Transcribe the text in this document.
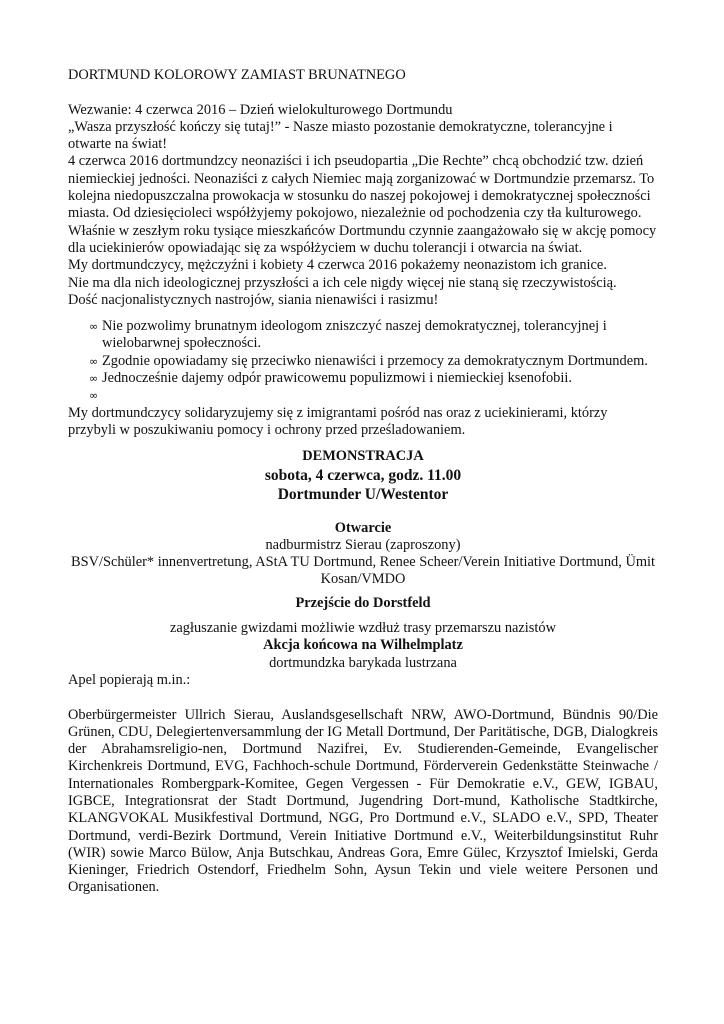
DORTMUND KOLOROWY ZAMIAST BRUNATNEGO

Wezwanie: 4 czerwca 2016 – Dzień wielokulturowego Dortmundu

„Wasza przyszłość kończy się tutaj!” - Nasze miasto pozostanie demokratyczne, tolerancyjne i otwarte na świat!

4 czerwca 2016 dortmundzcy neonaziści i ich pseudopartia „Die Rechte” chcą obchodzić tzw. dzień niemieckiej jedności. Neonaziści z całych Niemiec mają zorganizować w Dortmundzie przemarsz. To kolejna niedopuszczalna prowokacja w stosunku do naszej pokojowej i demokratycznej społeczności miasta. Od dziesięcioleci współżyjemy pokojowo, niezależnie od pochodzenia czy tła kulturowego. Właśnie w zeszłym roku tysiące mieszkańców Dortmundu czynnie zaangażowało się w akcję pomocy dla uciekinierów opowiadając się za współżyciem w duchu tolerancji i otwarcia na świat.

My dortmundczycy, mężczyźni i kobiety 4 czerwca 2016 pokażemy neonazistom ich granice.

Nie ma dla nich ideologicznej przyszłości a ich cele nigdy więcej nie staną się rzeczywistością.

Dość nacjonalistycznych nastrojów, siania nienawiści i rasizmu!

∞ Nie pozwolimy brunatnym ideologom zniszczyć naszej demokratycznej, tolerancyjnej i wielobarwnej społeczności.
∞ Zgodnie opowiadamy się przeciwko nienawiści i przemocy za demokratycznym Dortmundem.
∞ Jednocześnie dajemy odpór prawicowemu populizmowi i niemieckiej ksenofobii.
∞

My dortmundczycy solidaryzujemy się z imigrantami pośród nas oraz z uciekinierami, którzy przybyli w poszukiwaniu pomocy i ochrony przed prześladowaniem.

DEMONSTRACJA

sobota, 4 czerwca, godz. 11.00

Dortmunder U/Westentor

Otwarcie

nadburmistrz Sierau (zaproszony)

BSV/Schüler* innenvertretung, AStA TU Dortmund, Renee Scheer/Verein Initiative Dortmund, Ümit Kosan/VMDO

Przejście do Dorstfeld

zagłuszanie gwizdami możliwie wzdłuż trasy przemarszu nazistów

Akcja końcowa na Wilhelmplatz

dortmundzka barykada lustrzana

Apel popierają m.in.:

Oberbürgermeister Ullrich Sierau, Auslandsgesellschaft NRW, AWO-Dortmund, Bündnis 90/Die Grünen, CDU, Delegiertenversammlung der IG Metall Dortmund, Der Paritätische, DGB, Dialogkreis der Abrahamsreligio-nen, Dortmund Nazifrei, Ev. Studierenden-Gemeinde, Evangelischer Kirchenkreis Dortmund, EVG, Fachhoch-schule Dortmund, Förderverein Gedenkstätte Steinwache / Internationales Rombergpark-Komitee, Gegen Vergessen - Für Demokratie e.V., GEW, IGBAU, IGBCE, Integrationsrat der Stadt Dortmund, Jugendring Dort-mund, Katholische Stadtkirche, KLANGVOKAL Musikfestival Dortmund, NGG, Pro Dortmund e.V., SLADO e.V., SPD, Theater Dortmund, verdi-Bezirk Dortmund, Verein Initiative Dortmund e.V., Weiterbildungsinstitut Ruhr (WIR) sowie Marco Bülow, Anja Butschkau, Andreas Gora, Emre Gülec, Krzysztof Imielski, Gerda Kieninger, Friedrich Ostendorf, Friedhelm Sohn, Aysun Tekin und viele weitere Personen und Organisationen.
